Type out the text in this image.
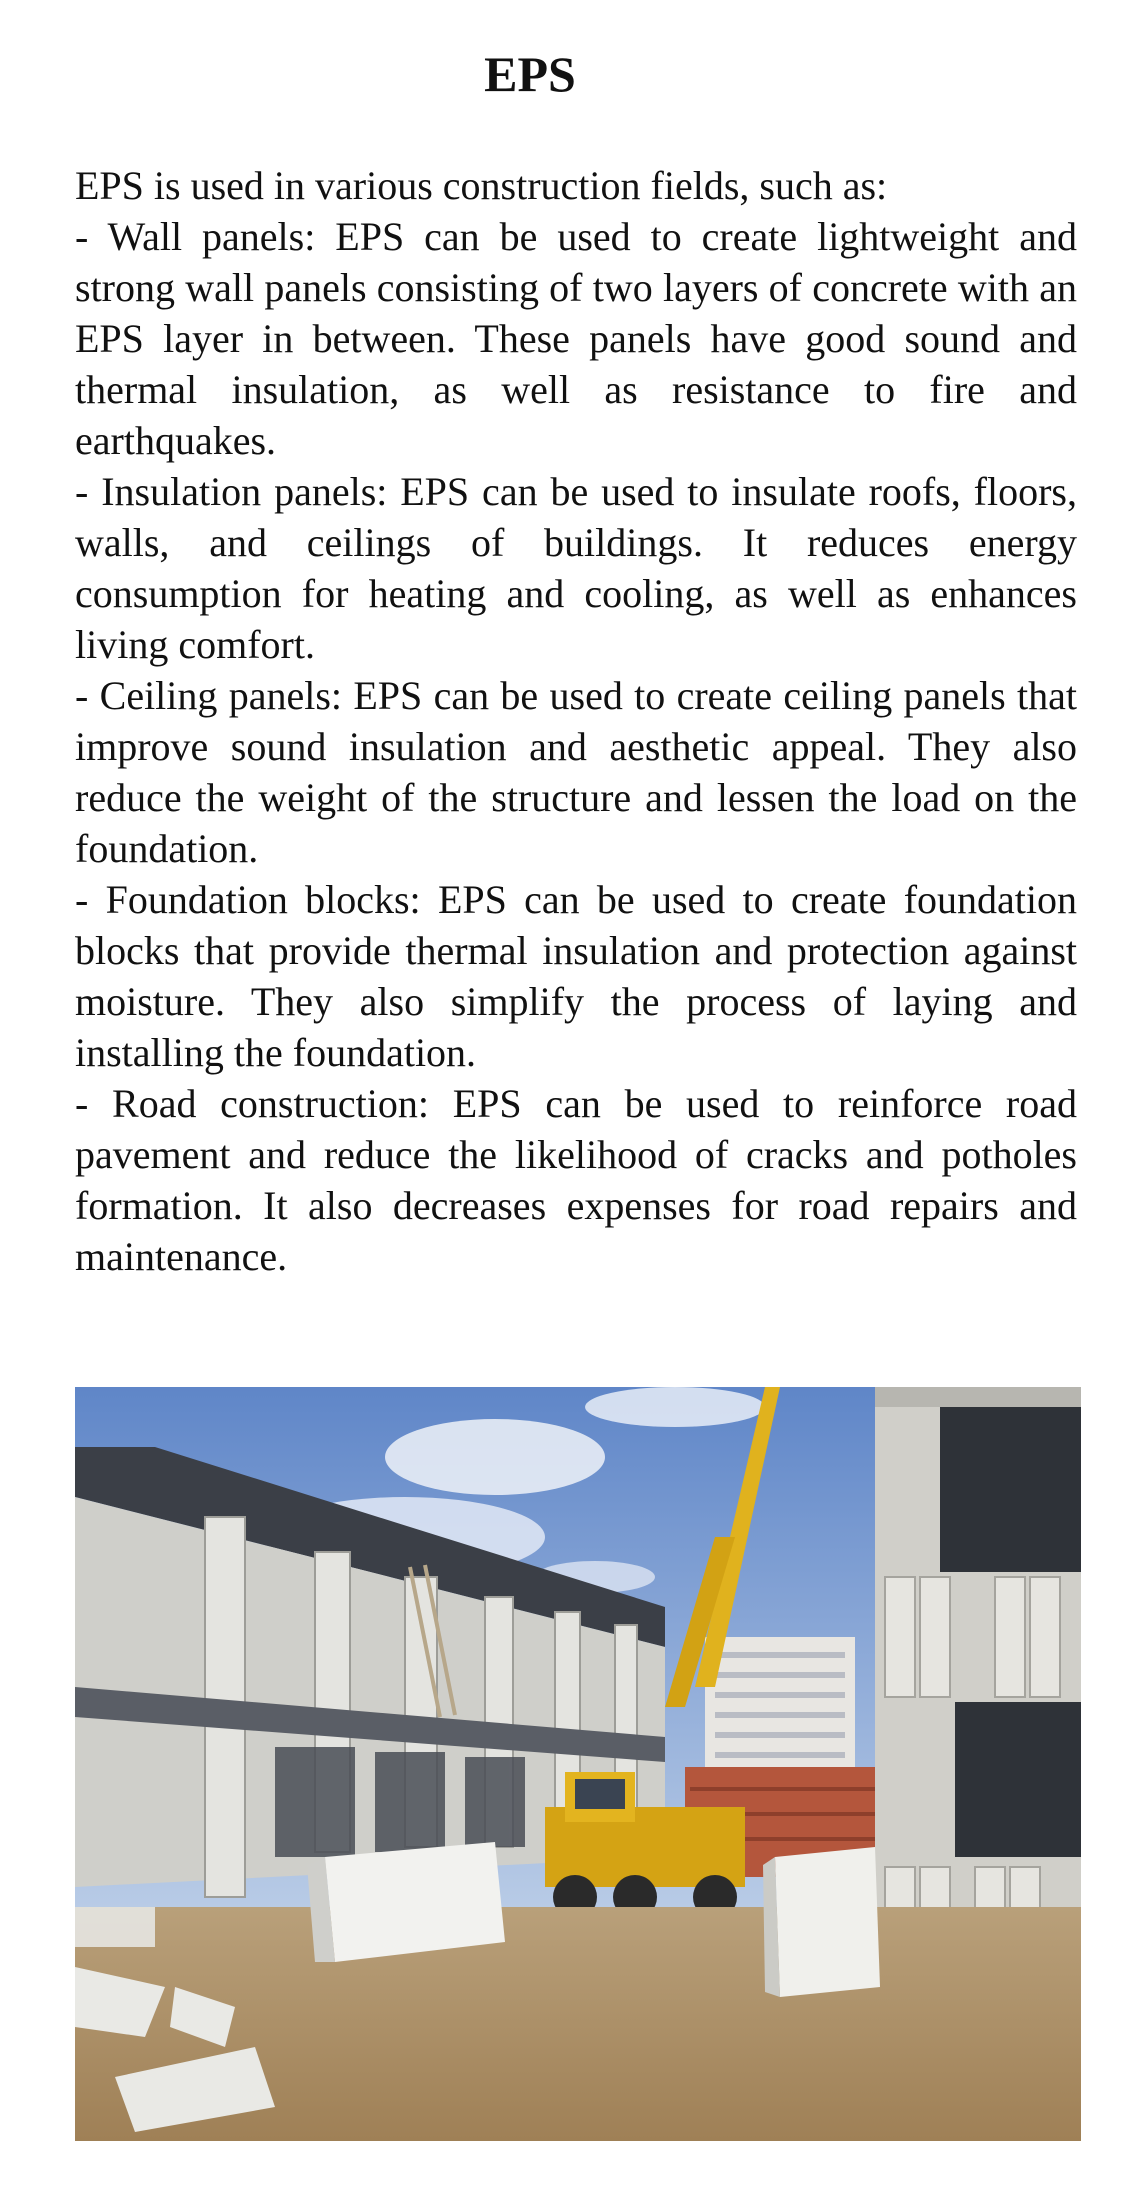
EPS

EPS is used in various construction fields, such as:

- Wall panels: EPS can be used to create lightweight and strong wall panels consisting of two layers of concrete with an EPS layer in between. These panels have good sound and thermal insulation, as well as resistance to fire and earthquakes.

- Insulation panels: EPS can be used to insulate roofs, floors, walls, and ceilings of buildings. It reduces energy consumption for heating and cooling, as well as enhances living comfort.

- Ceiling panels: EPS can be used to create ceiling panels that improve sound insulation and aesthetic appeal. They also reduce the weight of the structure and lessen the load on the foundation.

- Foundation blocks: EPS can be used to create foundation blocks that provide thermal insulation and protection against moisture. They also simplify the process of laying and installing the foundation.

- Road construction: EPS can be used to reinforce road pavement and reduce the likelihood of cracks and potholes formation. It also decreases expenses for road repairs and maintenance.
